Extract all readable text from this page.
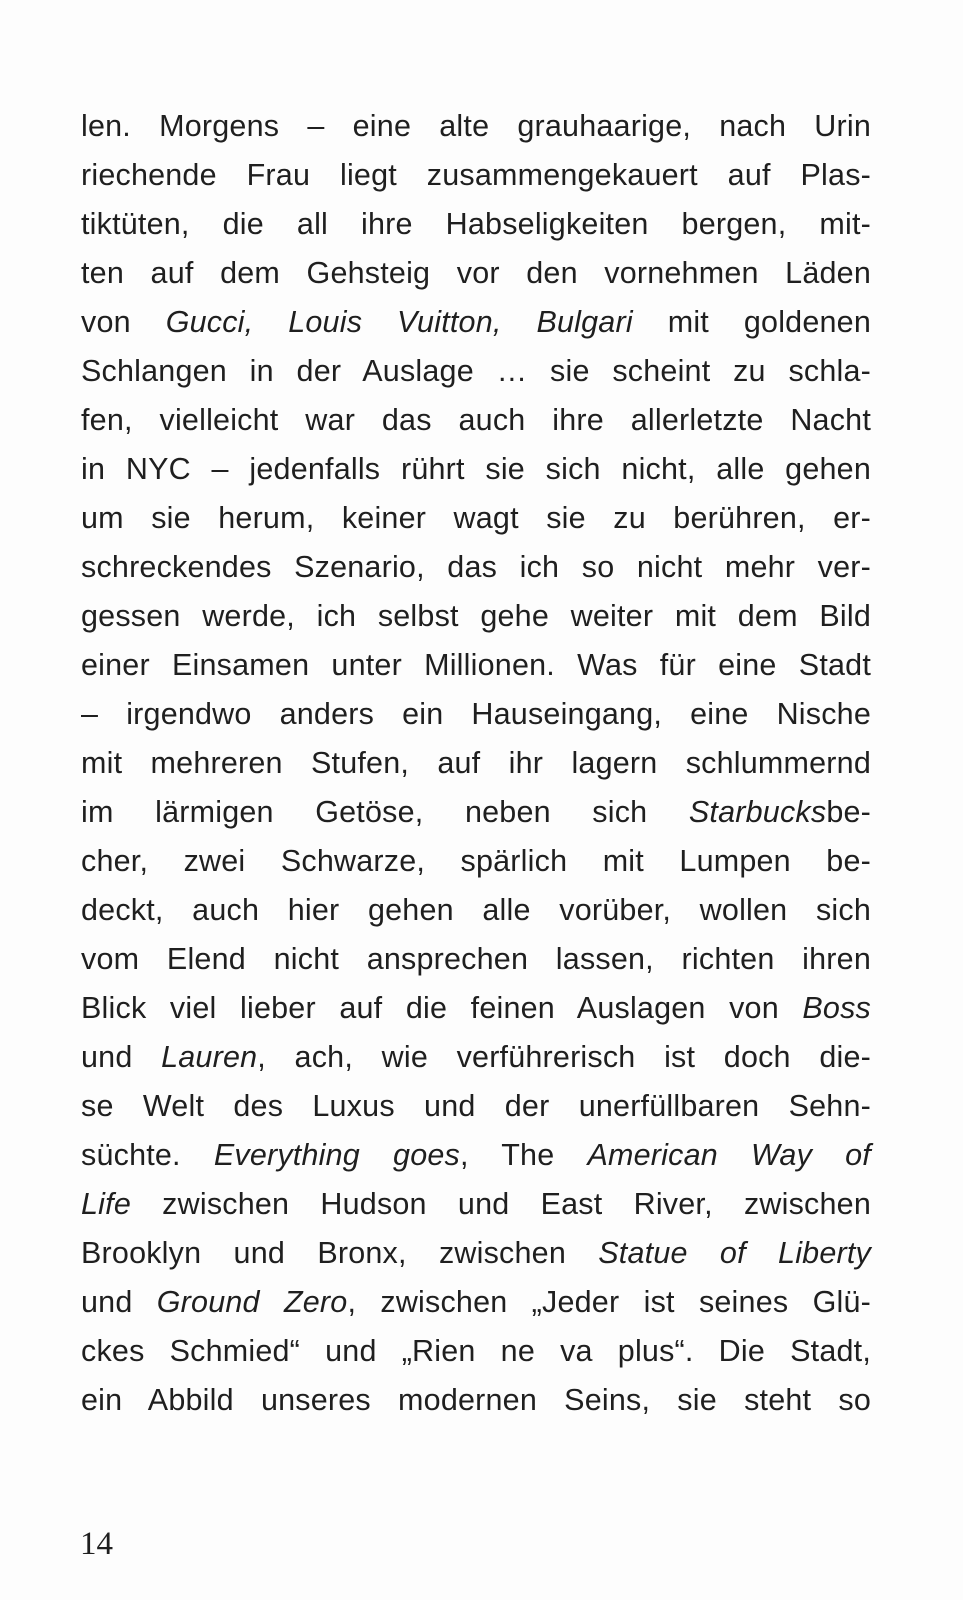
len. Morgens – eine alte grauhaarige, nach Urin
riechende Frau liegt zusammengekauert auf Plas-
tiktüten, die all ihre Habseligkeiten bergen, mit-
ten auf dem Gehsteig vor den vornehmen Läden
von Gucci, Louis Vuitton, Bulgari mit goldenen
Schlangen in der Auslage … sie scheint zu schla-
fen, vielleicht war das auch ihre allerletzte Nacht
in NYC – jedenfalls rührt sie sich nicht, alle gehen
um sie herum, keiner wagt sie zu berühren, er-
schreckendes Szenario, das ich so nicht mehr ver-
gessen werde, ich selbst gehe weiter mit dem Bild
einer Einsamen unter Millionen. Was für eine Stadt
– irgendwo anders ein Hauseingang, eine Nische
mit mehreren Stufen, auf ihr lagern schlummernd
im lärmigen Getöse, neben sich Starbucksbe-
cher, zwei Schwarze, spärlich mit Lumpen be-
deckt, auch hier gehen alle vorüber, wollen sich
vom Elend nicht ansprechen lassen, richten ihren
Blick viel lieber auf die feinen Auslagen von Boss
und Lauren, ach, wie verführerisch ist doch die-
se Welt des Luxus und der unerfüllbaren Sehn-
süchte. Everything goes, The American Way of
Life zwischen Hudson und East River, zwischen
Brooklyn und Bronx, zwischen Statue of Liberty
und Ground Zero, zwischen „Jeder ist seines Glü-
ckes Schmied“ und „Rien ne va plus“. Die Stadt,
ein Abbild unseres modernen Seins, sie steht so
14
